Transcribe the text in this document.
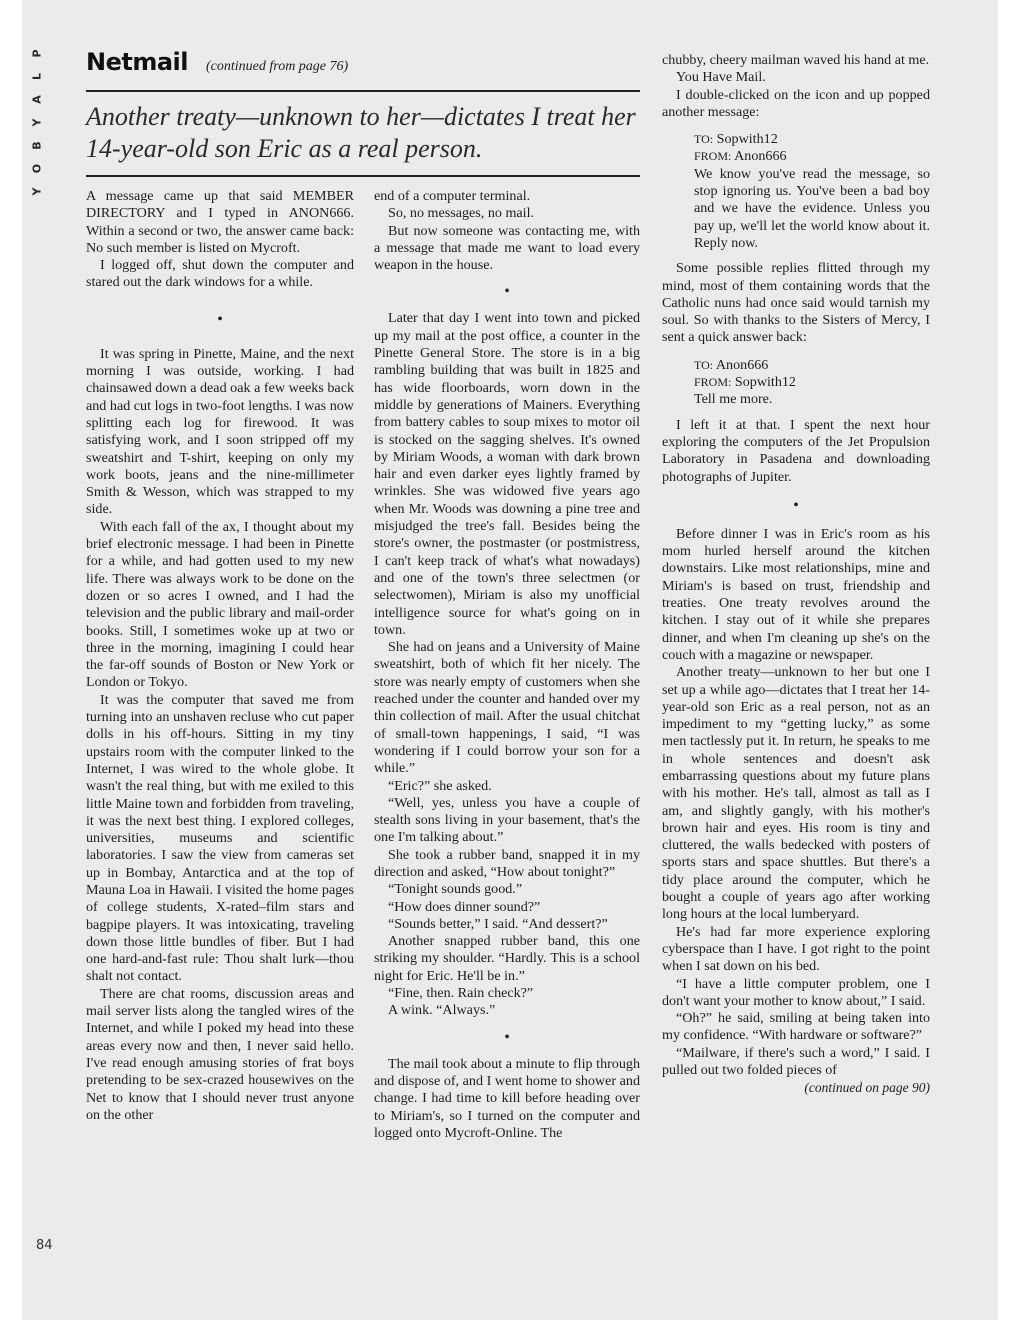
P
L
A
Y
B
O
Y
84
Netmail (continued from page 76)
Another treaty—unknown to her—dictates I treat her 14-year-old son Eric as a real person.

A message came up that said MEMBER DIRECTORY and I typed in ANON666. Within a second or two, the answer came back: No such member is listed on Mycroft.

I logged off, shut down the computer and stared out the dark windows for a while.

•

It was spring in Pinette, Maine, and the next morning I was outside, working. I had chainsawed down a dead oak a few weeks back and had cut logs in two-foot lengths. I was now splitting each log for firewood. It was satisfying work, and I soon stripped off my sweatshirt and T-shirt, keeping on only my work boots, jeans and the nine-millimeter Smith & Wesson, which was strapped to my side.

With each fall of the ax, I thought about my brief electronic message. I had been in Pinette for a while, and had gotten used to my new life. There was always work to be done on the dozen or so acres I owned, and I had the television and the public library and mail-order books. Still, I sometimes woke up at two or three in the morning, imagining I could hear the far-off sounds of Boston or New York or London or Tokyo.

It was the computer that saved me from turning into an unshaven recluse who cut paper dolls in his off-hours. Sitting in my tiny upstairs room with the computer linked to the Internet, I was wired to the whole globe. It wasn't the real thing, but with me exiled to this little Maine town and forbidden from traveling, it was the next best thing. I explored colleges, universities, museums and scientific laboratories. I saw the view from cameras set up in Bombay, Antarctica and at the top of Mauna Loa in Hawaii. I visited the home pages of college students, X-rated–film stars and bagpipe players. It was intoxicating, traveling down those little bundles of fiber. But I had one hard-and-fast rule: Thou shalt lurk—thou shalt not contact.

There are chat rooms, discussion areas and mail server lists along the tangled wires of the Internet, and while I poked my head into these areas every now and then, I never said hello. I've read enough amusing stories of frat boys pretending to be sex-crazed housewives on the Net to know that I should never trust anyone on the other

end of a computer terminal.

So, no messages, no mail.

But now someone was contacting me, with a message that made me want to load every weapon in the house.

•

Later that day I went into town and picked up my mail at the post office, a counter in the Pinette General Store. The store is in a big rambling building that was built in 1825 and has wide floorboards, worn down in the middle by generations of Mainers. Everything from battery cables to soup mixes to motor oil is stocked on the sagging shelves. It's owned by Miriam Woods, a woman with dark brown hair and even darker eyes lightly framed by wrinkles. She was widowed five years ago when Mr. Woods was downing a pine tree and misjudged the tree's fall. Besides being the store's owner, the postmaster (or postmistress, I can't keep track of what's what nowadays) and one of the town's three selectmen (or selectwomen), Miriam is also my unofficial intelligence source for what's going on in town.

She had on jeans and a University of Maine sweatshirt, both of which fit her nicely. The store was nearly empty of customers when she reached under the counter and handed over my thin collection of mail. After the usual chitchat of small-town happenings, I said, “I was wondering if I could borrow your son for a while.”

“Eric?” she asked.

“Well, yes, unless you have a couple of stealth sons living in your basement, that's the one I'm talking about.”

She took a rubber band, snapped it in my direction and asked, “How about tonight?”

“Tonight sounds good.”

“How does dinner sound?”

“Sounds better,” I said. “And dessert?”

Another snapped rubber band, this one striking my shoulder. “Hardly. This is a school night for Eric. He'll be in.”

“Fine, then. Rain check?”

A wink. “Always.”

•

The mail took about a minute to flip through and dispose of, and I went home to shower and change. I had time to kill before heading over to Miriam's, so I turned on the computer and logged onto Mycroft-Online. The

chubby, cheery mailman waved his hand at me.

You Have Mail.

I double-clicked on the icon and up popped another message:

TO: Sopwith12

FROM: Anon666

We know you've read the message, so stop ignoring us. You've been a bad boy and we have the evidence. Unless you pay up, we'll let the world know about it. Reply now.

Some possible replies flitted through my mind, most of them containing words that the Catholic nuns had once said would tarnish my soul. So with thanks to the Sisters of Mercy, I sent a quick answer back:

TO: Anon666

FROM: Sopwith12

Tell me more.

I left it at that. I spent the next hour exploring the computers of the Jet Propulsion Laboratory in Pasadena and downloading photographs of Jupiter.

•

Before dinner I was in Eric's room as his mom hurled herself around the kitchen downstairs. Like most relationships, mine and Miriam's is based on trust, friendship and treaties. One treaty revolves around the kitchen. I stay out of it while she prepares dinner, and when I'm cleaning up she's on the couch with a magazine or newspaper.

Another treaty—unknown to her but one I set up a while ago—dictates that I treat her 14-year-old son Eric as a real person, not as an impediment to my “getting lucky,” as some men tactlessly put it. In return, he speaks to me in whole sentences and doesn't ask embarrassing questions about my future plans with his mother. He's tall, almost as tall as I am, and slightly gangly, with his mother's brown hair and eyes. His room is tiny and cluttered, the walls bedecked with posters of sports stars and space shuttles. But there's a tidy place around the computer, which he bought a couple of years ago after working long hours at the local lumberyard.

He's had far more experience exploring cyberspace than I have. I got right to the point when I sat down on his bed.

“I have a little computer problem, one I don't want your mother to know about,” I said.

“Oh?” he said, smiling at being taken into my confidence. “With hardware or software?”

“Mailware, if there's such a word,” I said. I pulled out two folded pieces of

(continued on page 90)
